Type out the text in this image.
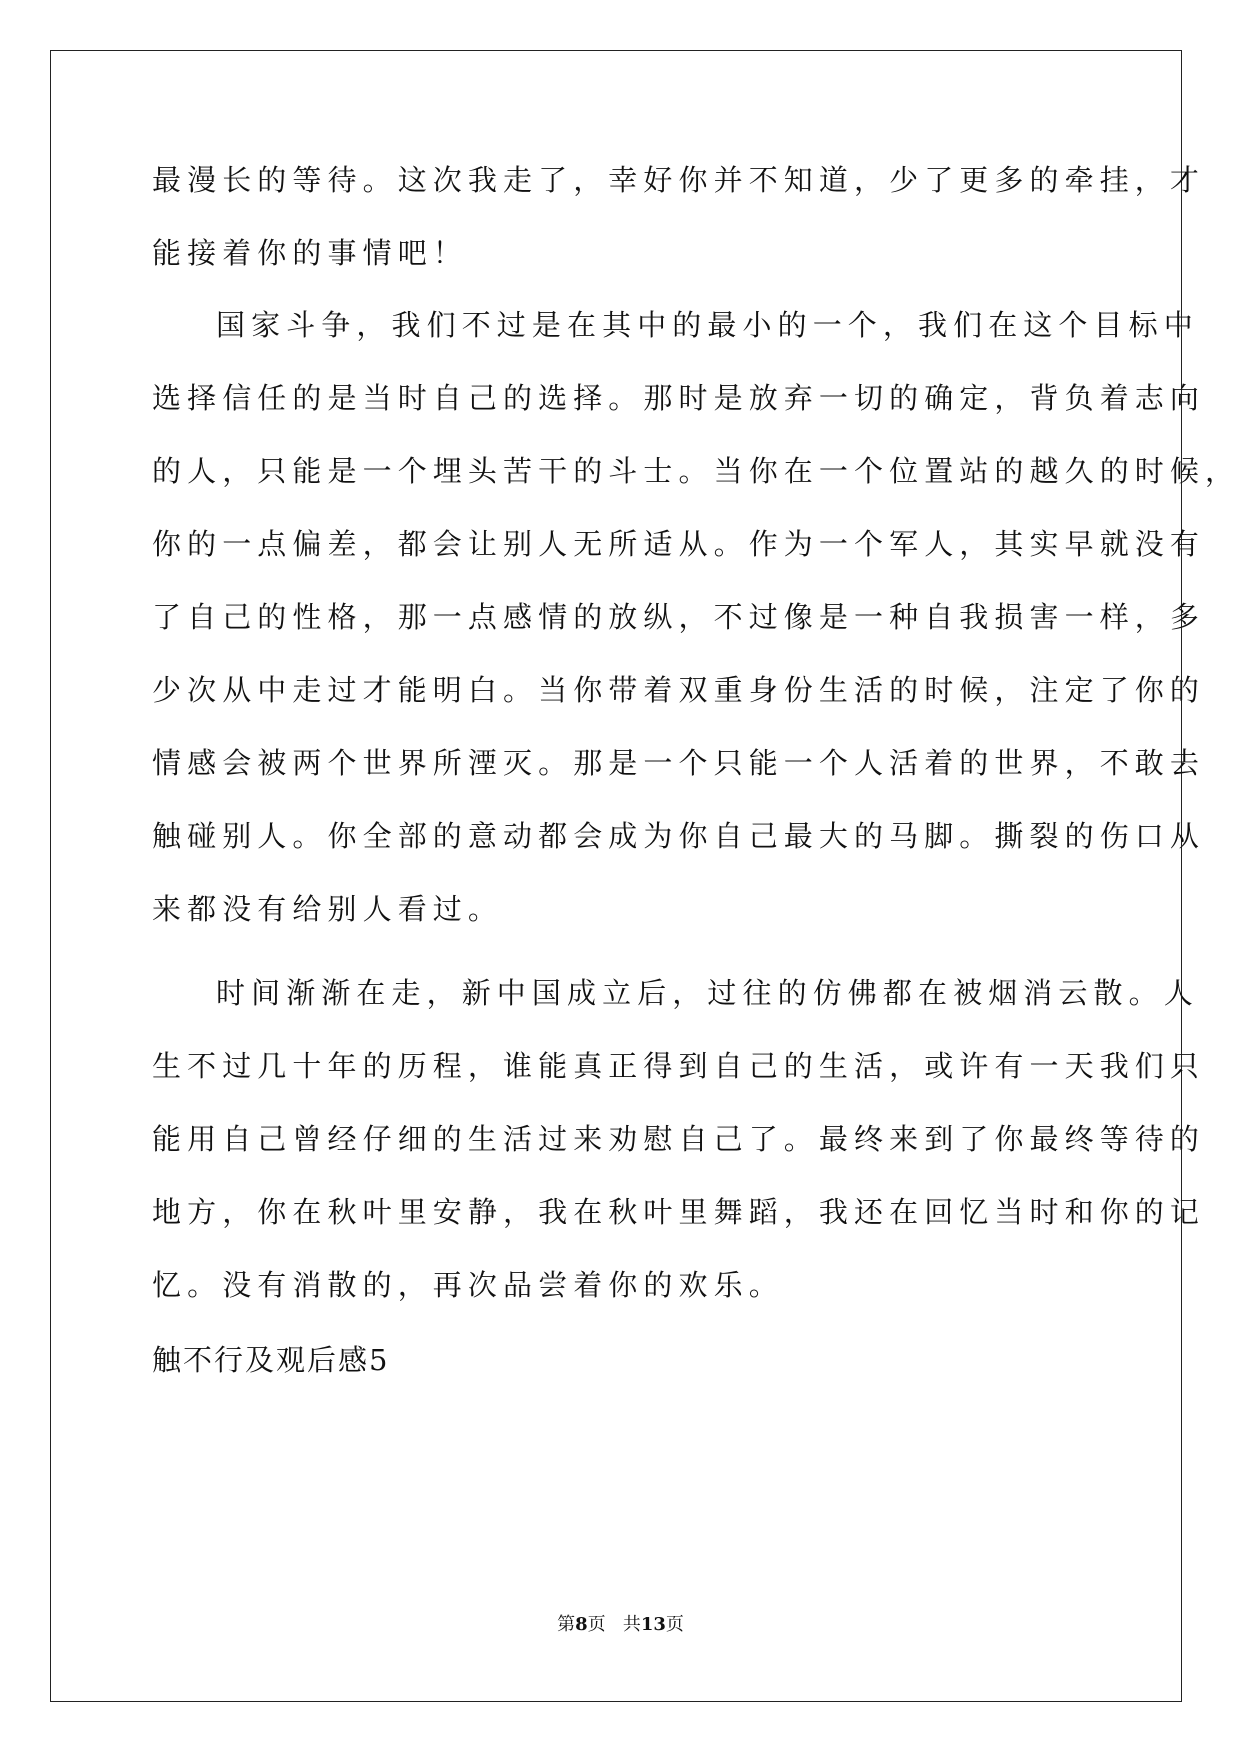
最漫长的等待。这次我走了，幸好你并不知道，少了更多的牵挂，才
能接着你的事情吧！
国家斗争，我们不过是在其中的最小的一个，我们在这个目标中
选择信任的是当时自己的选择。那时是放弃一切的确定，背负着志向
的人，只能是一个埋头苦干的斗士。当你在一个位置站的越久的时候，
你的一点偏差，都会让别人无所适从。作为一个军人，其实早就没有
了自己的性格，那一点感情的放纵，不过像是一种自我损害一样，多
少次从中走过才能明白。当你带着双重身份生活的时候，注定了你的
情感会被两个世界所湮灭。那是一个只能一个人活着的世界，不敢去
触碰别人。你全部的意动都会成为你自己最大的马脚。撕裂的伤口从
来都没有给别人看过。
时间渐渐在走，新中国成立后，过往的仿佛都在被烟消云散。人
生不过几十年的历程，谁能真正得到自己的生活，或许有一天我们只
能用自己曾经仔细的生活过来劝慰自己了。最终来到了你最终等待的
地方，你在秋叶里安静，我在秋叶里舞蹈，我还在回忆当时和你的记
忆。没有消散的，再次品尝着你的欢乐。
触不行及观后感5
第8页 共13页
